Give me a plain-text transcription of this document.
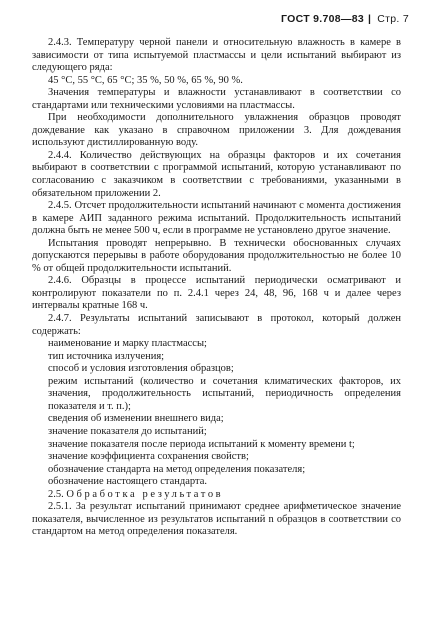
ГОСТ 9.708—83 | Стр. 7

2.4.3. Температуру черной панели и относительную влажность в камере в зависимости от типа испытуемой пластмассы и цели испытаний выбирают из следующего ряда:

45 °С, 55 °С, 65 °С; 35 %, 50 %, 65 %, 90 %.

Значения температуры и влажности устанавливают в соответствии со стандартами или техническими условиями на пластмассы.

При необходимости дополнительного увлажнения образцов проводят дождевание как указано в справочном приложении 3. Для дождевания используют дистиллированную воду.

2.4.4. Количество действующих на образцы факторов и их сочетания выбирают в соответствии с программой испытаний, которую устанавливают по согласованию с заказчиком в соответствии с требованиями, указанными в обязательном приложении 2.

2.4.5. Отсчет продолжительности испытаний начинают с момента достижения в камере АИП заданного режима испытаний. Продолжительность испытаний должна быть не менее 500 ч, если в программе не установлено другое значение.

Испытания проводят непрерывно. В технически обоснованных случаях допускаются перерывы в работе оборудования продолжительностью не более 10 % от общей продолжительности испытаний.

2.4.6. Образцы в процессе испытаний периодически осматривают и контролируют показатели по п. 2.4.1 через 24, 48, 96, 168 ч и далее через интервалы кратные 168 ч.

2.4.7. Результаты испытаний записывают в протокол, который должен содержать:

наименование и марку пластмассы;

тип источника излучения;

способ и условия изготовления образцов;

режим испытаний (количество и сочетания климатических факторов, их значения, продолжительность испытаний, периодичность определения показателя и т. п.);

сведения об изменении внешнего вида;

значение показателя до испытаний;

значение показателя после периода испытаний к моменту времени t;

значение коэффициента сохранения свойств;

обозначение стандарта на метод определения показателя;

обозначение настоящего стандарта.

2.5. Обработка результатов

2.5.1. За результат испытаний принимают среднее арифметическое значение показателя, вычисленное из результатов испытаний n образцов в соответствии со стандартом на метод определения показателя.
